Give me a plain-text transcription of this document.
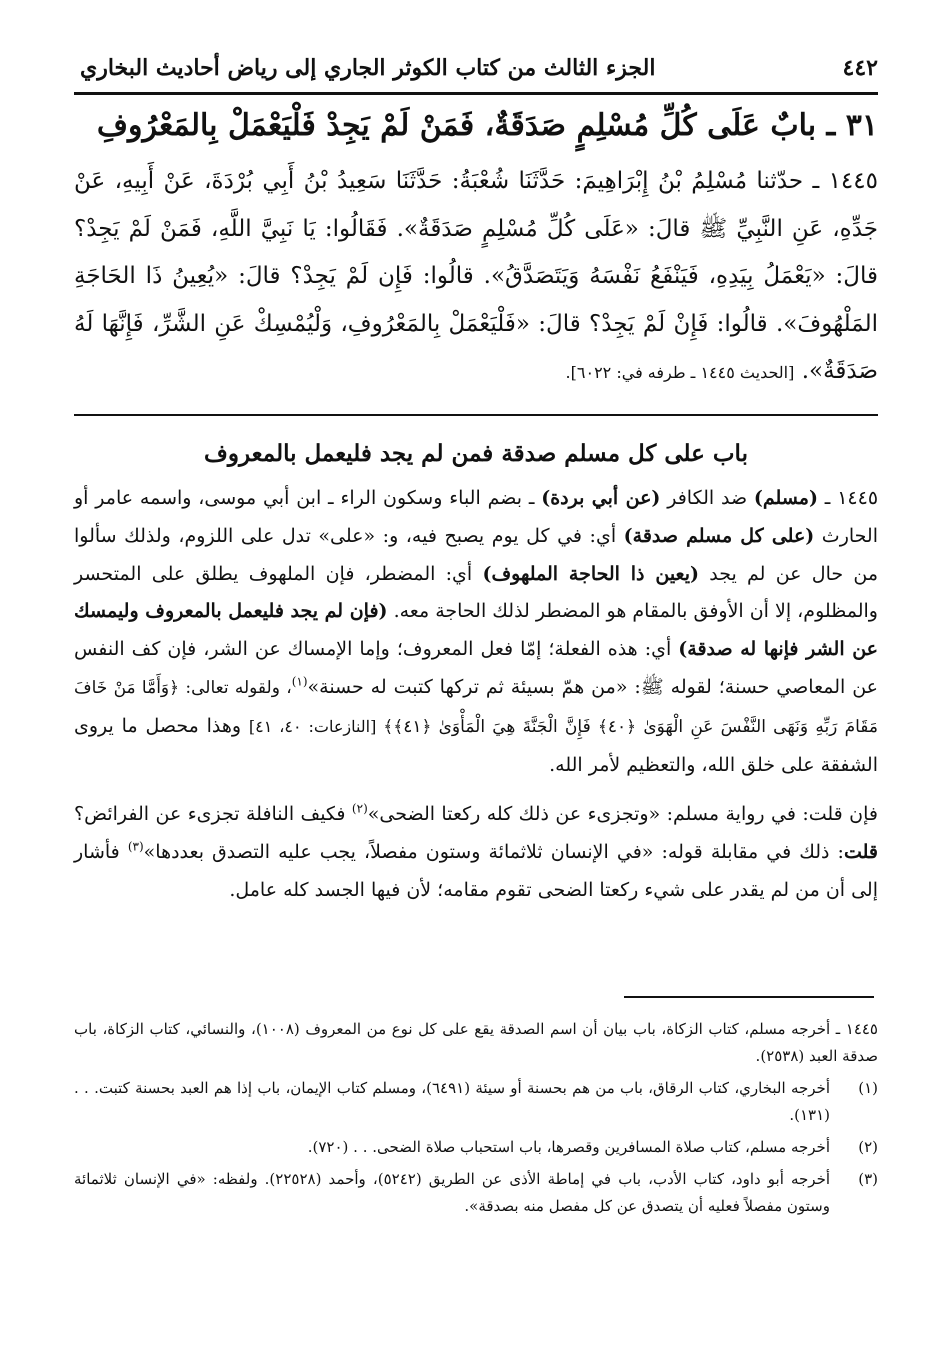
٤٤٢
الجزء الثالث من كتاب الكوثر الجاري إلى رياض أحاديث البخاري
٣١ ـ بابٌ عَلَى كُلِّ مُسْلِمٍ صَدَقَةٌ، فَمَنْ لَمْ يَجِدْ فَلْيَعْمَلْ بِالمَعْرُوفِ
١٤٤٥ ـ حدّثنا مُسْلِمُ بْنُ إِبْرَاهِيمَ: حَدَّثَنَا شُعْبَةُ: حَدَّثَنَا سَعِيدُ بْنُ أَبِي بُرْدَةَ، عَنْ أَبِيهِ، عَنْ جَدِّهِ، عَنِ النَّبِيِّ ﷺ قالَ: «عَلَى كُلِّ مُسْلِمٍ صَدَقَةٌ». فَقَالُوا: يَا نَبِيَّ اللَّهِ، فَمَنْ لَمْ يَجِدْ؟ قالَ: «يَعْمَلُ بِيَدِهِ، فَيَنْفَعُ نَفْسَهُ وَيَتَصَدَّقُ». قالُوا: فَإِن لَمْ يَجِدْ؟ قالَ: «يُعِينُ ذَا الحَاجَةِ المَلْهُوفَ». قالُوا: فَإِنْ لَمْ يَجِدْ؟ قالَ: «فَلْيَعْمَلْ بِالمَعْرُوفِ، وَلْيُمْسِكْ عَنِ الشَّرِّ، فَإِنَّهَا لَهُ صَدَقَةٌ». [الحديث ١٤٤٥ ـ طرفه في: ٦٠٢٢].
باب على كل مسلم صدقة فمن لم يجد فليعمل بالمعروف

١٤٤٥ ـ (مسلم) ضد الكافر (عن أبي بردة) ـ بضم الباء وسكون الراء ـ ابن أبي موسى، واسمه عامر أو الحارث (على كل مسلم صدقة) أي: في كل يوم يصبح فيه، و: «على» تدل على اللزوم، ولذلك سألوا من حال عن لم يجد (يعين ذا الحاجة الملهوف) أي: المضطر، فإن الملهوف يطلق على المتحسر والمظلوم، إلا أن الأوفق بالمقام هو المضطر لذلك الحاجة معه. (فإن لم يجد فليعمل بالمعروف وليمسك عن الشر فإنها له صدقة) أي: هذه الفعلة؛ إمّا فعل المعروف؛ وإما الإمساك عن الشر، فإن كف النفس عن المعاصي حسنة؛ لقوله ﷺ: «من همّ بسيئة ثم تركها كتبت له حسنة»$^{(١)}$، ولقوله تعالى: ﴿وَأَمَّا مَنْ خَافَ مَقَامَ رَبِّهِ وَنَهَى النَّفْسَ عَنِ الْهَوَىٰ ﴿٤٠﴾ فَإِنَّ الْجَنَّةَ هِيَ الْمَأْوَىٰ ﴿٤١﴾﴾ [النازعات: ٤٠، ٤١] وهذا محصل ما يروى الشفقة على خلق الله، والتعظيم لأمر الله.

فإن قلت: في رواية مسلم: «وتجزىء عن ذلك كله ركعتا الضحى»$^{(٢)}$ فكيف النافلة تجزىء عن الفرائض؟ قلت: ذلك في مقابلة قوله: «في الإنسان ثلاثمائة وستون مفصلاً، يجب عليه التصدق بعددها»$^{(٣)}$ فأشار إلى أن من لم يقدر على شيء ركعتا الضحى تقوم مقامه؛ لأن فيها الجسد كله عامل.

١٤٤٥ ـ أخرجه مسلم، كتاب الزكاة، باب بيان أن اسم الصدقة يقع على كل نوع من المعروف (١٠٠٨)، والنسائي، كتاب الزكاة، باب صدقة العبد (٢٥٣٨).
(١)
أخرجه البخاري، كتاب الرقاق، باب من هم بحسنة أو سيئة (٦٤٩١)، ومسلم كتاب الإيمان، باب إذا هم العبد بحسنة كتبت. . . (١٣١).
(٢)
أخرجه مسلم، كتاب صلاة المسافرين وقصرها، باب استحباب صلاة الضحى. . . (٧٢٠).
(٣)
أخرجه أبو داود، كتاب الأدب، باب في إماطة الأذى عن الطريق (٥٢٤٢)، وأحمد (٢٢٥٢٨). ولفظه: «في الإنسان ثلاثمائة وستون مفصلاً فعليه أن يتصدق عن كل مفصل منه بصدقة».
